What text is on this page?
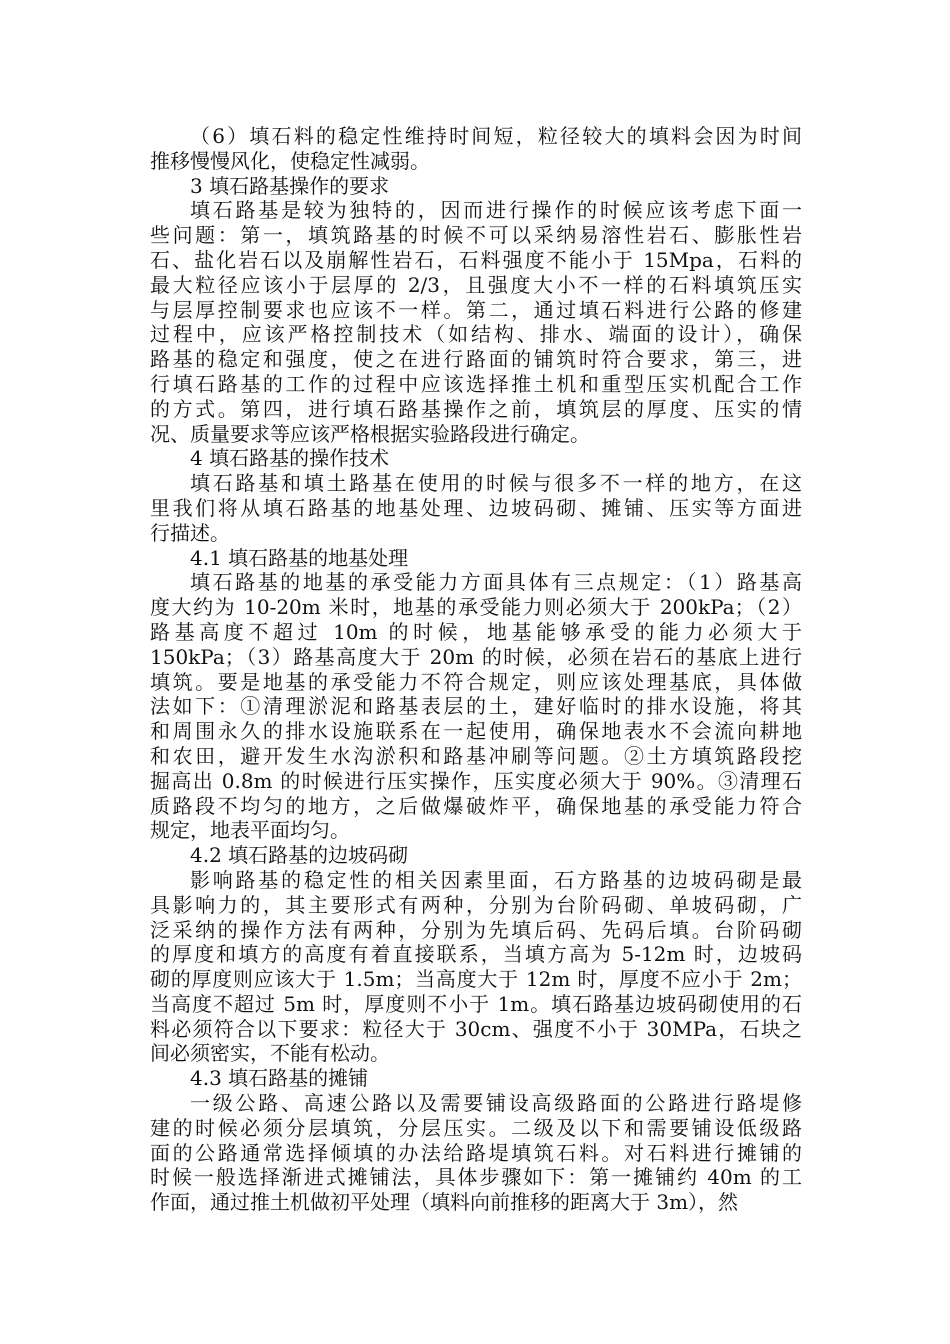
（6）填石料的稳定性维持时间短，粒径较大的填料会因为时间
推移慢慢风化，使稳定性减弱。
3 填石路基操作的要求
填石路基是较为独特的，因而进行操作的时候应该考虑下面一
些问题：第一，填筑路基的时候不可以采纳易溶性岩石、膨胀性岩
石、盐化岩石以及崩解性岩石，石料强度不能小于 15Mpa，石料的
最大粒径应该小于层厚的 2/3，且强度大小不一样的石料填筑压实
与层厚控制要求也应该不一样。第二，通过填石料进行公路的修建
过程中，应该严格控制技术（如结构、排水、端面的设计），确保
路基的稳定和强度，使之在进行路面的铺筑时符合要求，第三，进
行填石路基的工作的过程中应该选择推土机和重型压实机配合工作
的方式。第四，进行填石路基操作之前，填筑层的厚度、压实的情
况、质量要求等应该严格根据实验路段进行确定。
4 填石路基的操作技术
填石路基和填土路基在使用的时候与很多不一样的地方，在这
里我们将从填石路基的地基处理、边坡码砌、摊铺、压实等方面进
行描述。
4.1 填石路基的地基处理
填石路基的地基的承受能力方面具体有三点规定：（1）路基高
度大约为 10-20m 米时，地基的承受能力则必须大于 200kPa；（2）
路基高度不超过 10m 的时候，地基能够承受的能力必须大于
150kPa；（3）路基高度大于 20m 的时候，必须在岩石的基底上进行
填筑。要是地基的承受能力不符合规定，则应该处理基底，具体做
法如下：①清理淤泥和路基表层的土，建好临时的排水设施，将其
和周围永久的排水设施联系在一起使用，确保地表水不会流向耕地
和农田，避开发生水沟淤积和路基冲刷等问题。②土方填筑路段挖
掘高出 0.8m 的时候进行压实操作，压实度必须大于 90%。③清理石
质路段不均匀的地方，之后做爆破炸平，确保地基的承受能力符合
规定，地表平面均匀。
4.2 填石路基的边坡码砌
影响路基的稳定性的相关因素里面，石方路基的边坡码砌是最
具影响力的，其主要形式有两种，分别为台阶码砌、单坡码砌，广
泛采纳的操作方法有两种，分别为先填后码、先码后填。台阶码砌
的厚度和填方的高度有着直接联系，当填方高为 5-12m 时，边坡码
砌的厚度则应该大于 1.5m；当高度大于 12m 时，厚度不应小于 2m；
当高度不超过 5m 时，厚度则不小于 1m。填石路基边坡码砌使用的石
料必须符合以下要求：粒径大于 30cm、强度不小于 30MPa，石块之
间必须密实，不能有松动。
4.3 填石路基的摊铺
一级公路、高速公路以及需要铺设高级路面的公路进行路堤修
建的时候必须分层填筑，分层压实。二级及以下和需要铺设低级路
面的公路通常选择倾填的办法给路堤填筑石料。对石料进行摊铺的
时候一般选择渐进式摊铺法，具体步骤如下：第一摊铺约 40m 的工
作面，通过推土机做初平处理（填料向前推移的距离大于 3m），然
